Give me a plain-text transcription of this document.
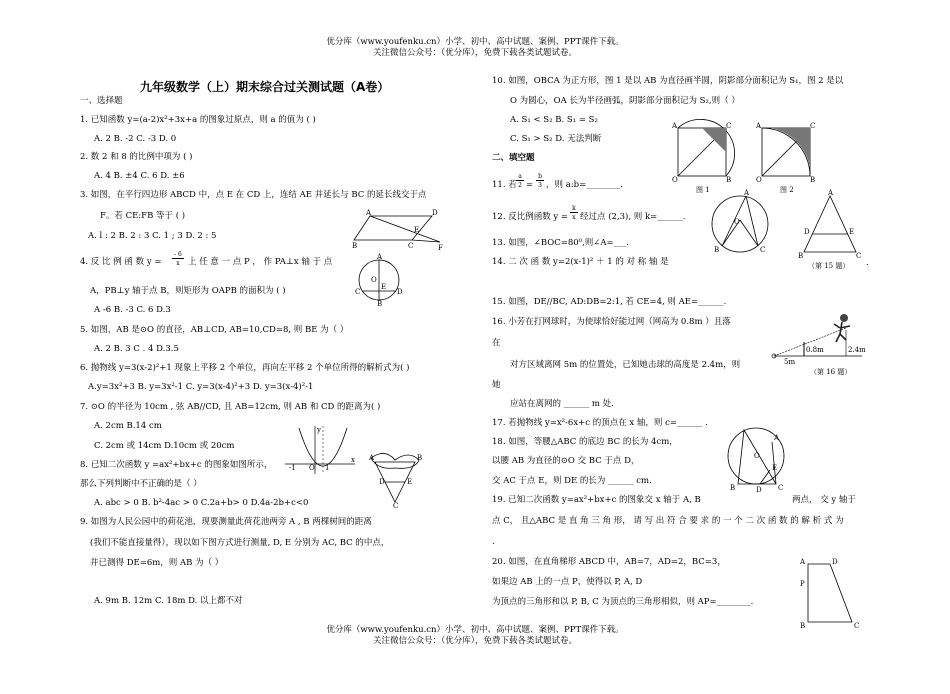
优分库（www.youfenku.cn）小学、初中、高中试题、案例、PPT课件下载。
关注微信公众号：（优分库），免费下载各类试题试卷。
优分库（www.youfenku.cn）小学、初中、高中试题、案例、PPT课件下载。
关注微信公众号：（优分库），免费下载各类试题试卷。
九年级数学（上）期末综合过关测试题（A卷）
一、选择题
1. 已知函数 y=(a-2)x²+3x+a 的图象过原点，则 a 的值为 ( )
A. 2 B. -2 C. -3 D. 0
2. 数 2 和 8 的比例中项为 ( )
A. 4 B. ±4 C. 6 D. ±6
3. 如图，在平行四边形 ABCD 中，点 E 在 CD 上，连结 AE 并延长与 BC 的延长线交于点
F。若 CE:FB 等于 ( )
A. l : 2 B. 2 : 3 C. 1 ; 3 D. 2 : 5
A	D
B	C
E
F
4. 反 比 例 函 数 y =
- 6
x 上 任 意 一 点 P ， 作 PA⊥x 轴 于 点
A，PB⊥y 轴于点 B，则矩形为 OAPB 的面积为 ( )
A -6 B. -3 C. 6 D.3
A
C	D
E
B
O
5. 如图，AB 是⊙O 的直径，AB⊥CD, AB=10,CD=8, 则 BE 为（ ）
A. 2 B. 3 C . 4 D.3.5
6. 抛物线 y=3(x-2)²+1 现象上平移 2 个单位，再向左平移 2 个单位所得的解析式为( )
A.y=3x²+3 B. y=3x²-1 C. y=3(x-4)²+3 D. y=3(x-4)²-1
7. ⊙O 的半径为 10cm , 弦 AB//CD, 且 AB=12cm, 则 AB 和 CD 的距离为( )
A. 2cm B.14 cm
C. 2cm 或 14cm D.10cm 或 20cm
y
x
O
-1	1
A	B
D	E
C
8. 已知二次函数 y =ax²+bx+c 的图象如图所示，
那么下列判断中不正确的是（ ）
A. abc > 0 B. b²-4ac > 0 C.2a+b> 0 D.4a-2b+c<0
9. 如图为人民公园中的荷花池，现要测量此荷花池两旁 A , B 两棵树间的距离
(我们不能直接量得），现以如下图方式进行测量, D, E 分别为 AC, BC 的中点，
并已测得 DE=6m，则 AB 为（ ）
A. 9m B. 12m C. 18m D. 以上都不对
10. 如图，OBCA 为正方形，图 1 是以 AB 为直径画半圆，阴影部分面积记为 S₁，图 2 是以
O 为圆心，OA 长为半径画弧，阴影部分面积记为 S₂,则（ ）
A. S₁ < S₂ B. S₁ = S₂
C. S₁ > S₂ D. 无法判断
A	C
O	B
A	C
O	B
图 1	图 2
二、填空题
11. 若
a
2 =
b
3 ，则 a:b=________.
12. 反比例函数 y =
k
x 经过点 (2,3), 则 k=______.
A
O
B	C
A
D	E
B	C
（第 15 题）
13. 如图，∠BOC=80⁰,则∠A=___.
14. 二 次 函 数 y=2(x-1)² ＋ 1 的 对 称 轴 是	.
15. 如图，DE//BC, AD:DB=2:1, 若 CE=4, 则 AE=______.
16. 小芳在打网球时，为使球恰好能过网（网高为 0.8m ）且落
在
对方区域离网 5m 的位置处，已知她击球的高度是 2.4m，则
她
应站在离网的 ______ m 处.
0.8m	2.4m
5m
（第 16 题）
17. 若抛物线 y=x²-6x+c 的顶点在 x 轴，则 c=______ .
18. 如图，等腰△ABC 的底边 BC 的长为 4cm，
以腰 AB 为直径的⊙O 交 BC 于点 D，
交 AC 于点 E，则 DE 的长为 ______ cm.
A
O
B	D C
E
19. 已知二次函数 y=ax²+bx+c 的图象交 x 轴于 A, B	两点， 交 y 轴于
点 C， 且△ABC 是 直 角 三 角 形， 请 写 出 符 合 要 求 的 一 个 二 次 函 数 的 解 析 式 为
.
20. 如图，在直角梯形 ABCD 中，AB=7，AD=2，BC=3，
如果边 AB 上的一点 P，使得以 P, A, D
为顶点的三角形和以 P, B, C 为顶点的三角形相似，则 AP=________.
A	D
P
B	C
